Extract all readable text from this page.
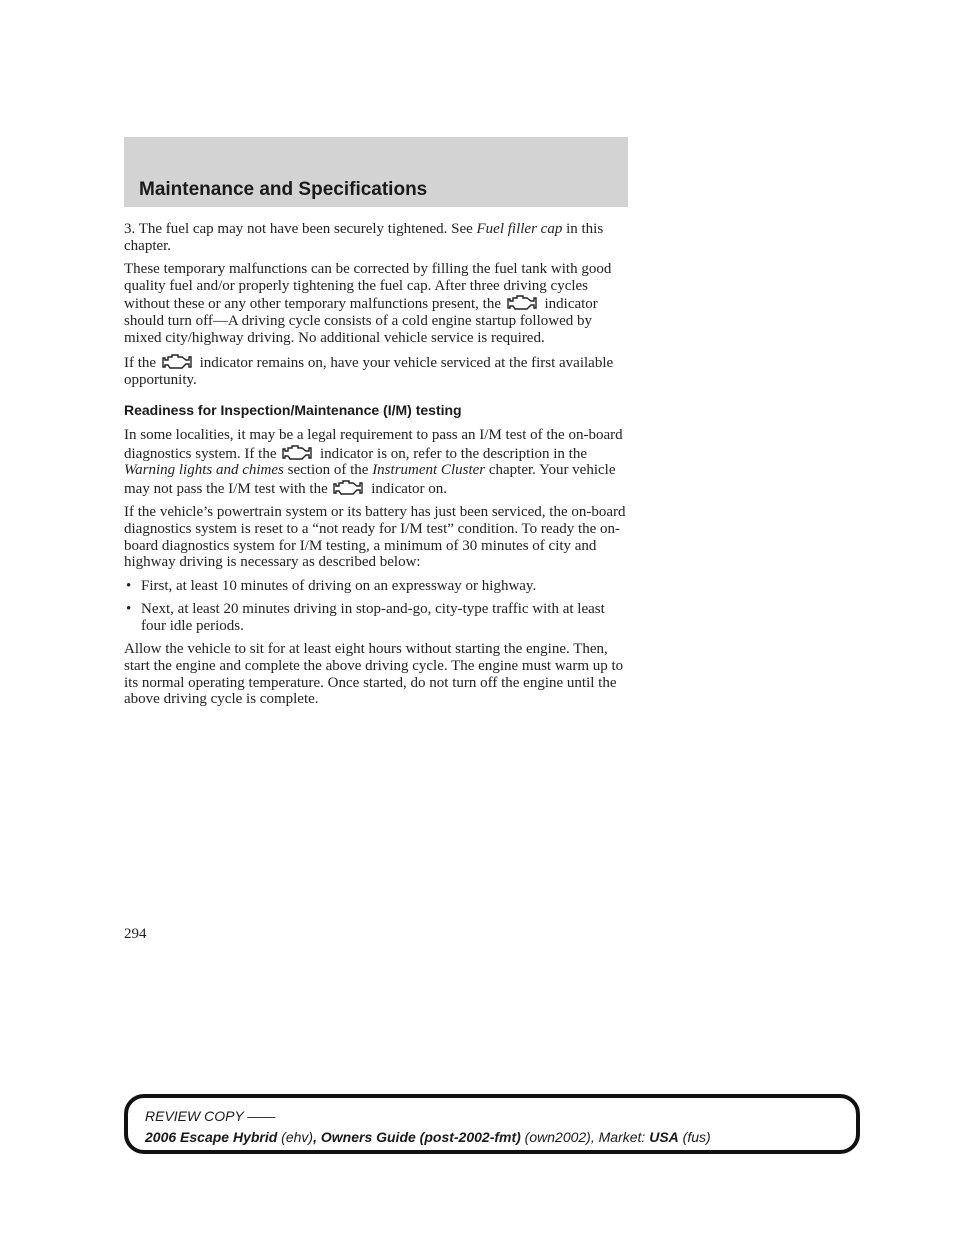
Maintenance and Specifications

3. The fuel cap may not have been securely tightened. See Fuel filler cap in this chapter.

These temporary malfunctions can be corrected by filling the fuel tank with good quality fuel and/or properly tightening the fuel cap. After three driving cycles without these or any other temporary malfunctions present, the
indicator should turn off—A driving cycle consists of a cold engine startup followed by mixed city/highway driving. No additional vehicle service is required.

If the
indicator remains on, have your vehicle serviced at the first available opportunity.

Readiness for Inspection/Maintenance (I/M) testing

In some localities, it may be a legal requirement to pass an I/M test of the on-board diagnostics system. If the
indicator is on, refer to the description in the Warning lights and chimes section of the Instrument Cluster chapter. Your vehicle may not pass the I/M test with the
indicator on.

If the vehicle’s powertrain system or its battery has just been serviced, the on-board diagnostics system is reset to a “not ready for I/M test” condition. To ready the on-board diagnostics system for I/M testing, a minimum of 30 minutes of city and highway driving is necessary as described below:

• First, at least 10 minutes of driving on an expressway or highway.
• Next, at least 20 minutes driving in stop-and-go, city-type traffic with at least four idle periods.

Allow the vehicle to sit for at least eight hours without starting the engine. Then, start the engine and complete the above driving cycle. The engine must warm up to its normal operating temperature. Once started, do not turn off the engine until the above driving cycle is complete.

294
REVIEW COPY ——
2006 Escape Hybrid (ehv), Owners Guide (post-2002-fmt) (own2002), Market: USA (fus)
